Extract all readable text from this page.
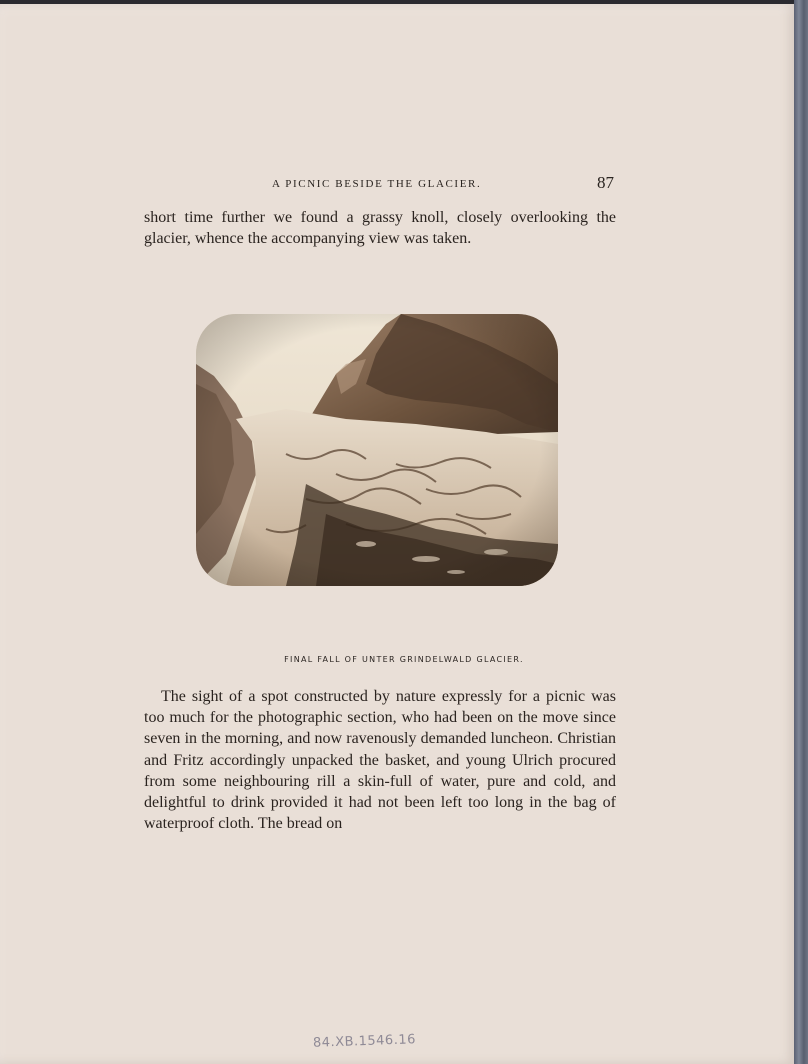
A PICNIC BESIDE THE GLACIER.	87

short time further we found a grassy knoll, closely overlooking the glacier, whence the accompanying view was taken.

FINAL FALL OF UNTER GRINDELWALD GLACIER.

The sight of a spot constructed by nature expressly for a picnic was too much for the photographic section, who had been on the move since seven in the morning, and now ravenously demanded luncheon. Christian and Fritz accordingly unpacked the basket, and young Ulrich procured from some neighbouring rill a skin-full of water, pure and cold, and delightful to drink provided it had not been left too long in the bag of waterproof cloth. The bread on

84.XB.1546.16
